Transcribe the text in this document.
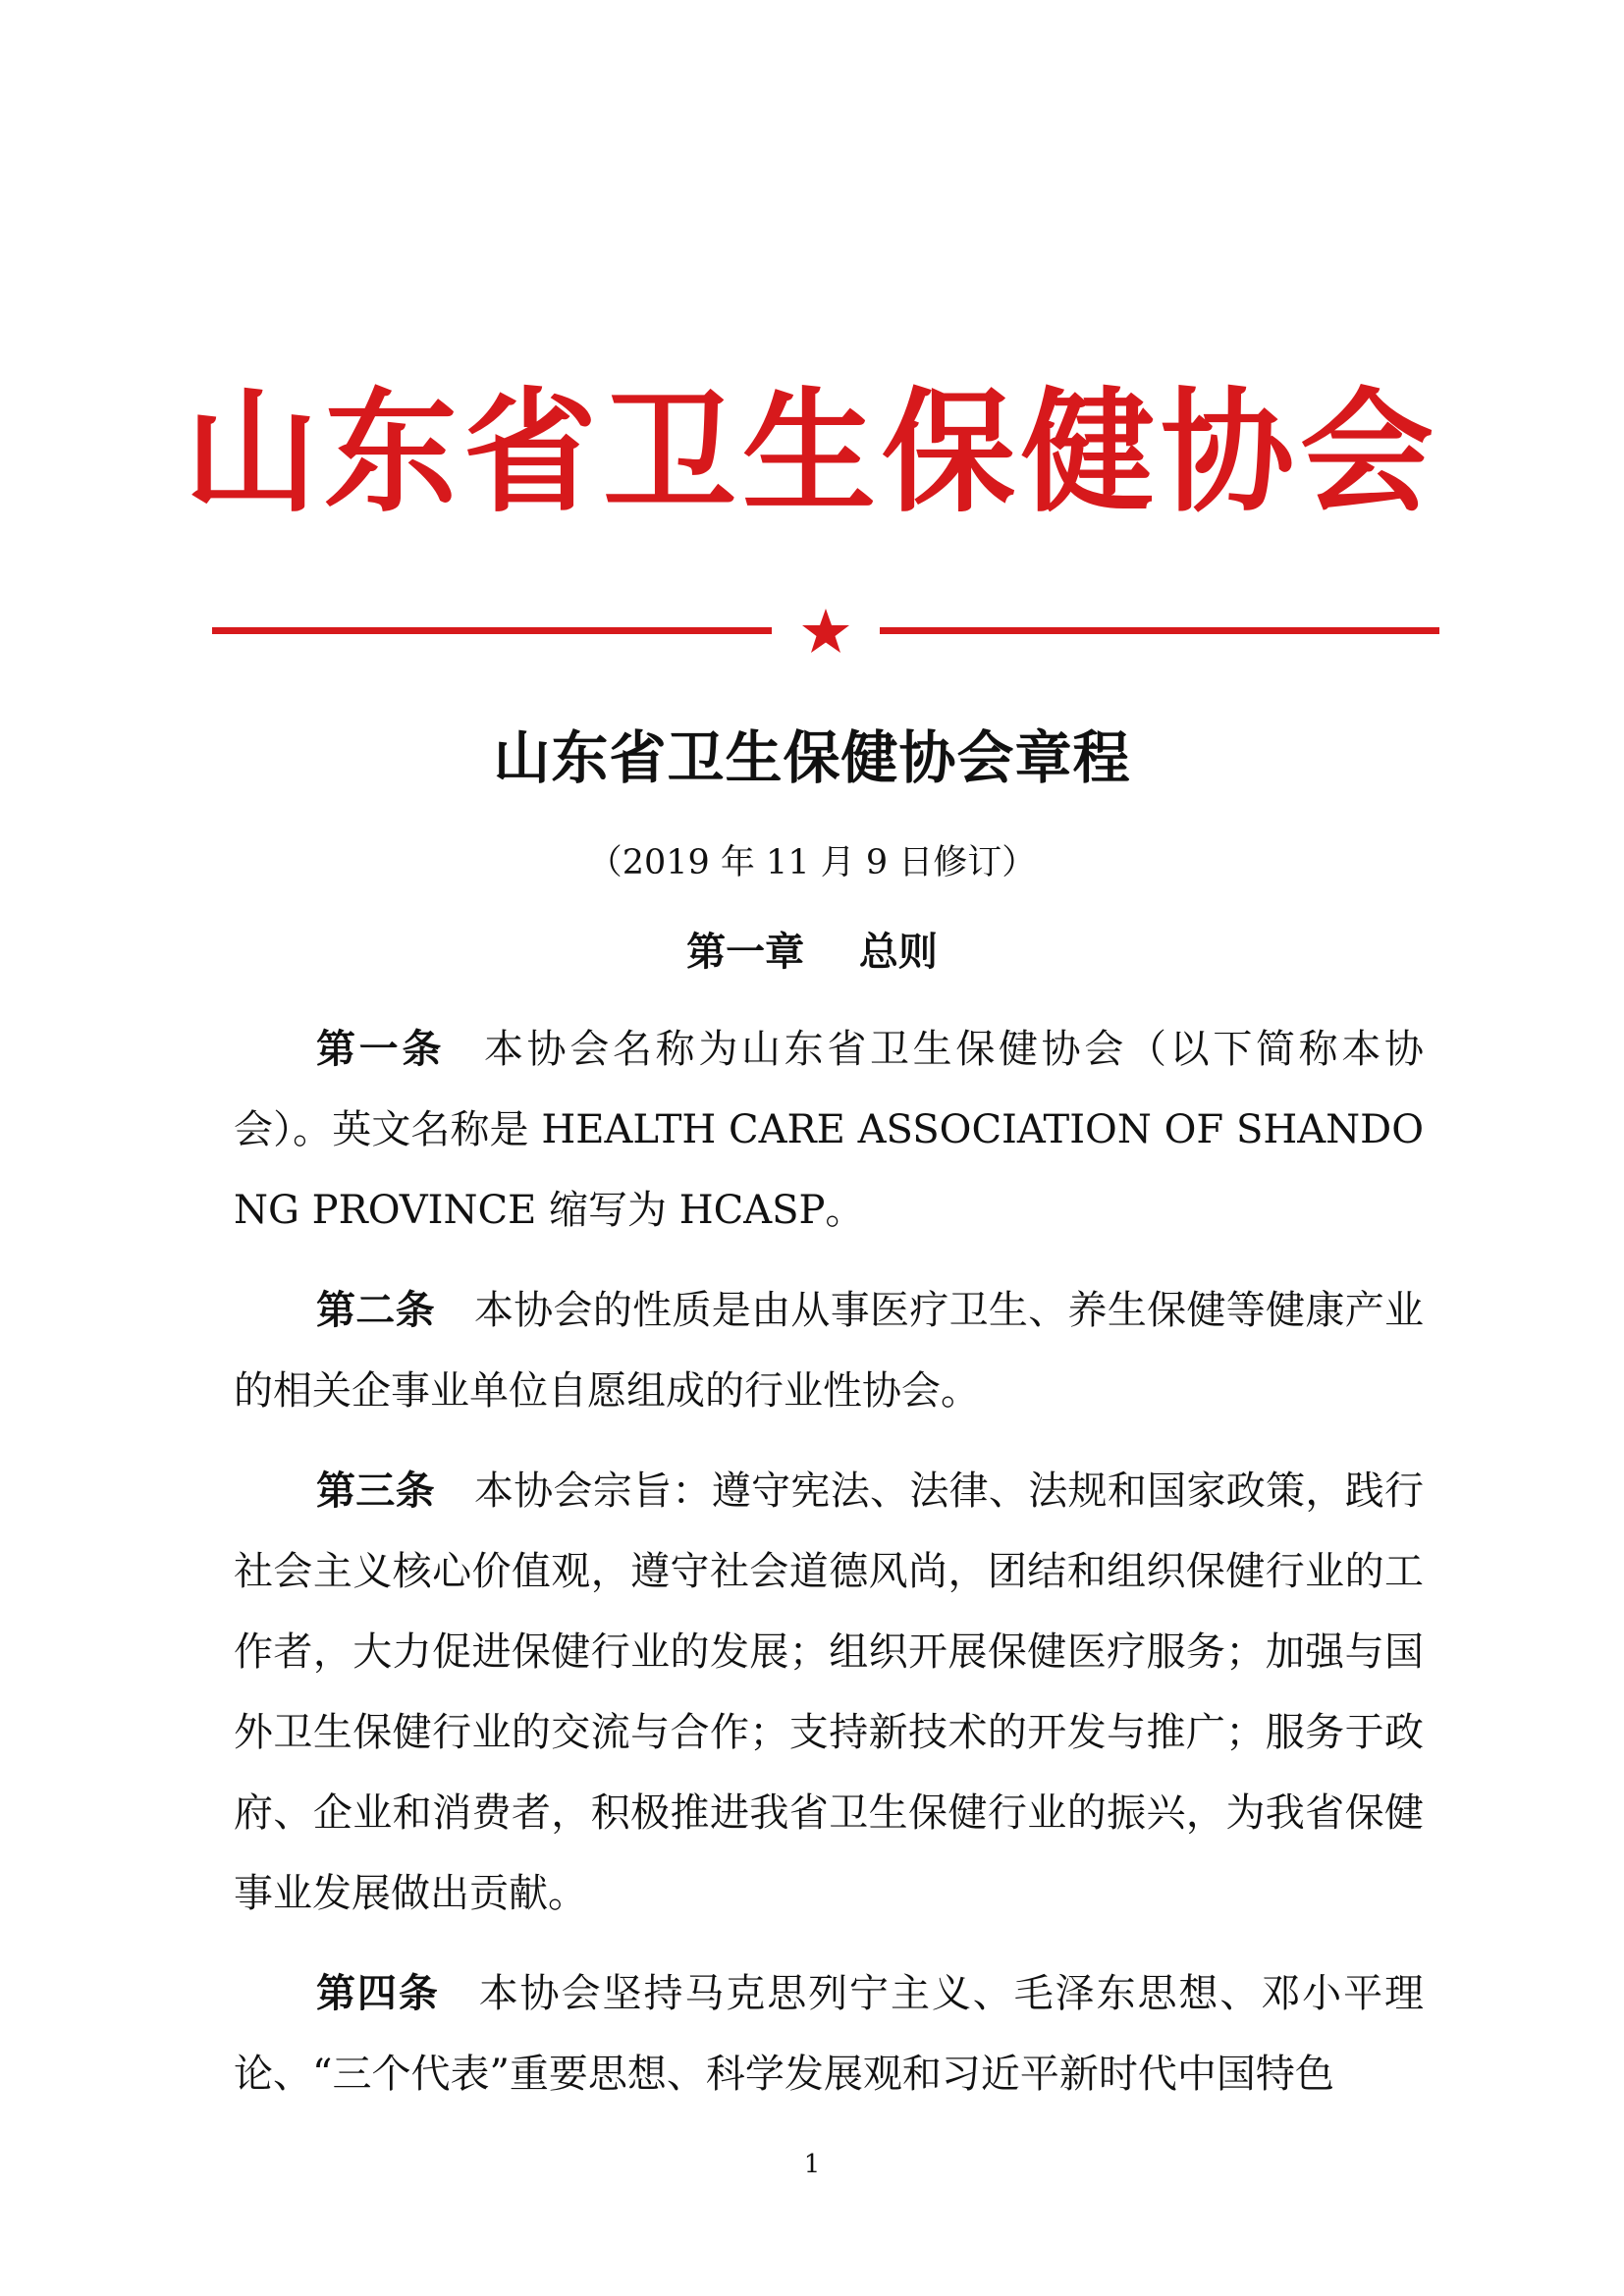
山东省卫生保健协会
山东省卫生保健协会章程
（2019 年 11 月 9 日修订）
第一章    总则

第一条 本协会名称为山东省卫生保健协会（以下简称本协会）。英文名称是 HEALTH CARE ASSOCIATION OF SHANDONG PROVINCE 缩写为 HCASP。

第二条 本协会的性质是由从事医疗卫生、养生保健等健康产业的相关企事业单位自愿组成的行业性协会。

第三条 本协会宗旨：遵守宪法、法律、法规和国家政策，践行社会主义核心价值观，遵守社会道德风尚，团结和组织保健行业的工作者，大力促进保健行业的发展；组织开展保健医疗服务；加强与国外卫生保健行业的交流与合作；支持新技术的开发与推广；服务于政府、企业和消费者，积极推进我省卫生保健行业的振兴，为我省保健事业发展做出贡献。

第四条 本协会坚持马克思列宁主义、毛泽东思想、邓小平理论、“三个代表”重要思想、科学发展观和习近平新时代中国特色

1
